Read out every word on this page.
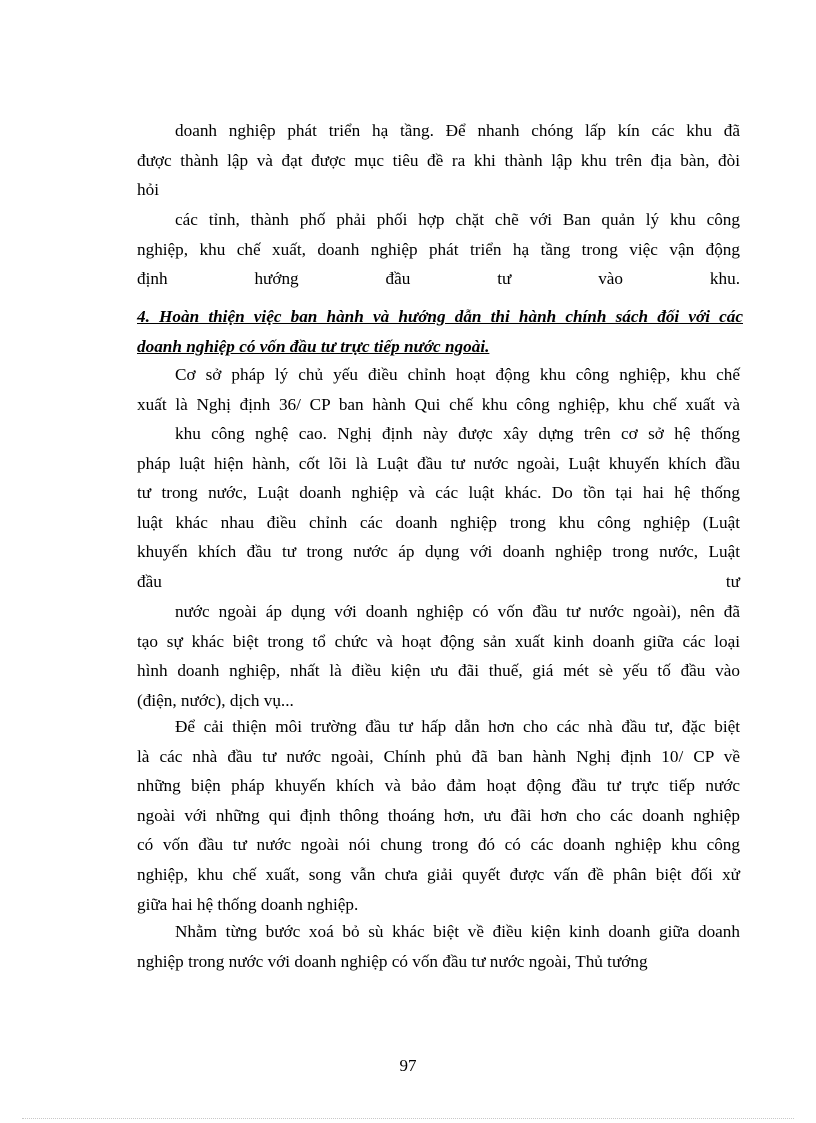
doanh nghiệp phát triển hạ tầng. Để nhanh chóng lấp kín các khu đã
được thành lập và đạt được mục tiêu đề ra khi thành lập khu trên địa bàn, đòi
hỏi
các tỉnh, thành phố phải phối hợp chặt chẽ với Ban quản lý khu công
nghiệp, khu chế xuất, doanh nghiệp phát triển hạ tầng trong việc vận động
định hướng đầu tư vào khu.
4. Hoàn thiện việc ban hành và hướng dẫn thi hành chính sách đối với các
doanh nghiệp có vốn đầu tư trực tiếp nước ngoài.
Cơ sở pháp lý chủ yếu điều chỉnh hoạt động khu công nghiệp, khu chế
xuất là Nghị định 36/ CP ban hành Qui chế khu công nghiệp, khu chế xuất và
khu công nghệ cao. Nghị định này được xây dựng trên cơ sở hệ thống
pháp luật hiện hành, cốt lõi là Luật đầu tư nước ngoài, Luật khuyến khích đầu
tư trong nước, Luật doanh nghiệp và các luật khác. Do tồn tại hai hệ thống
luật khác nhau điều chỉnh các doanh nghiệp trong khu công nghiệp (Luật
khuyến khích đầu tư trong nước áp dụng với doanh nghiệp trong nước, Luật
đầu tư
nước ngoài áp dụng với doanh nghiệp có vốn đầu tư nước ngoài), nên đã
tạo sự khác biệt trong tổ chức và hoạt động sản xuất kinh doanh giữa các loại
hình doanh nghiệp, nhất là điều kiện ưu đãi thuế, giá mét sè yếu tố đầu vào
(điện, nước), dịch vụ...
Để cải thiện môi trường đầu tư hấp dẫn hơn cho các nhà đầu tư, đặc biệt
là các nhà đầu tư nước ngoài, Chính phủ đã ban hành Nghị định 10/ CP về
những biện pháp khuyến khích và bảo đảm hoạt động đầu tư trực tiếp nước
ngoài với những qui định thông thoáng hơn, ưu đãi hơn cho các doanh nghiệp
có vốn đầu tư nước ngoài nói chung trong đó có các doanh nghiệp khu công
nghiệp, khu chế xuất, song vẫn chưa giải quyết được vấn đề phân biệt đối xử
giữa hai hệ thống doanh nghiệp.
Nhằm từng bước xoá bỏ sù khác biệt về điều kiện kinh doanh giữa doanh
nghiệp trong nước với doanh nghiệp có vốn đầu tư nước ngoài, Thủ tướng
97
